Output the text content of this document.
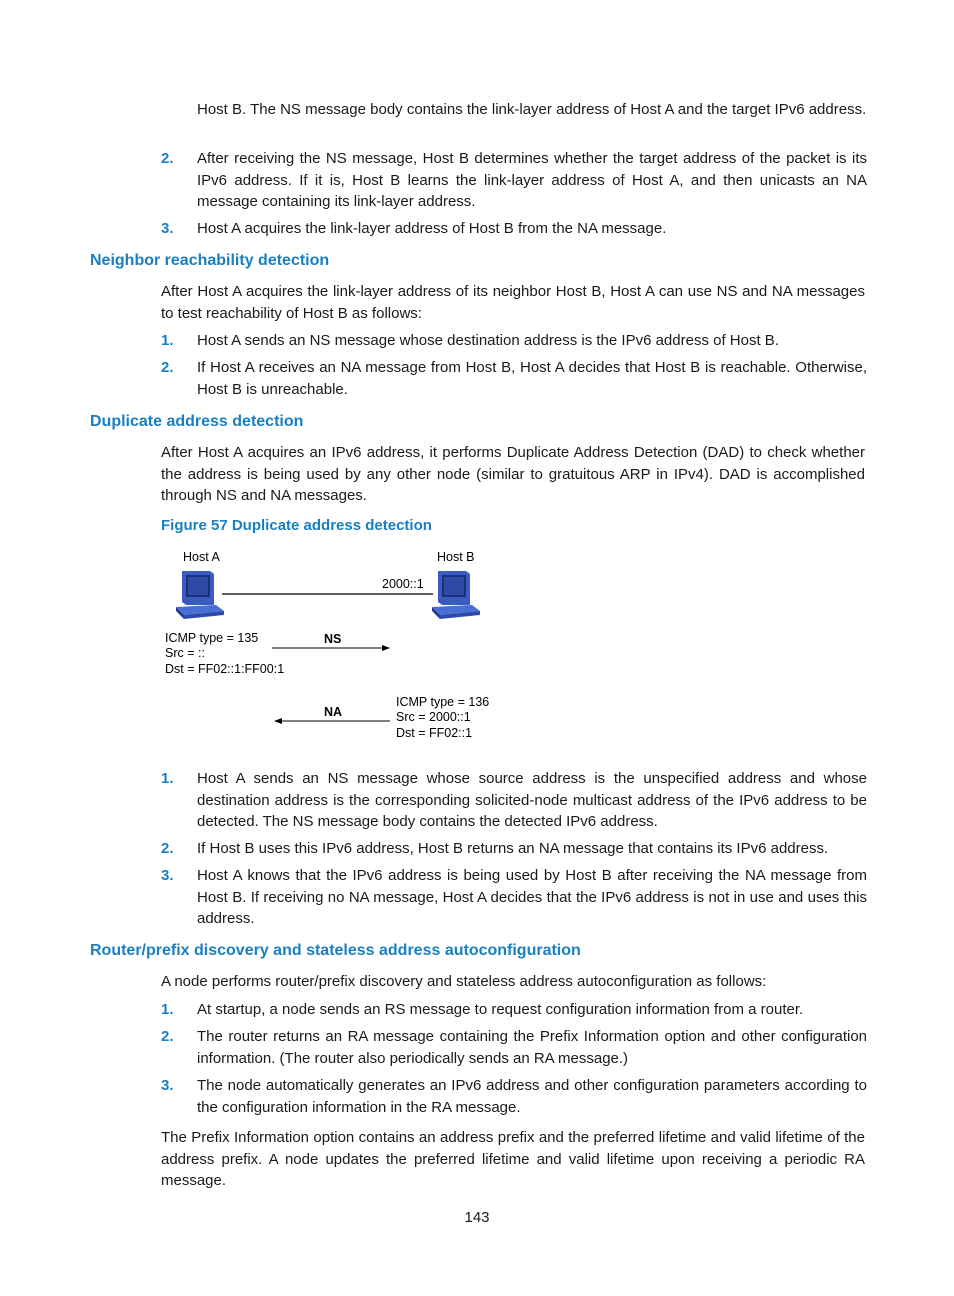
Host B. The NS message body contains the link-layer address of Host A and the target IPv6 address.

2. After receiving the NS message, Host B determines whether the target address of the packet is its IPv6 address. If it is, Host B learns the link-layer address of Host A, and then unicasts an NA message containing its link-layer address.
3. Host A acquires the link-layer address of Host B from the NA message.
Neighbor reachability detection

After Host A acquires the link-layer address of its neighbor Host B, Host A can use NS and NA messages to test reachability of Host B as follows:

1. Host A sends an NS message whose destination address is the IPv6 address of Host B.
2. If Host A receives an NA message from Host B, Host A decides that Host B is reachable. Otherwise, Host B is unreachable.
Duplicate address detection

After Host A acquires an IPv6 address, it performs Duplicate Address Detection (DAD) to check whether the address is being used by any other node (similar to gratuitous ARP in IPv4). DAD is accomplished through NS and NA messages.

Figure 57 Duplicate address detection

Host A	Host B
2000::1
ICMP type = 135
Src = ::
Dst = FF02::1:FF00:1
NS
NA
ICMP type = 136
Src = 2000::1
Dst = FF02::1
1. Host A sends an NS message whose source address is the unspecified address and whose destination address is the corresponding solicited-node multicast address of the IPv6 address to be detected. The NS message body contains the detected IPv6 address.
2. If Host B uses this IPv6 address, Host B returns an NA message that contains its IPv6 address.
3. Host A knows that the IPv6 address is being used by Host B after receiving the NA message from Host B. If receiving no NA message, Host A decides that the IPv6 address is not in use and uses this address.
Router/prefix discovery and stateless address autoconfiguration

A node performs router/prefix discovery and stateless address autoconfiguration as follows:

1. At startup, a node sends an RS message to request configuration information from a router.
2. The router returns an RA message containing the Prefix Information option and other configuration information. (The router also periodically sends an RA message.)
3. The node automatically generates an IPv6 address and other configuration parameters according to the configuration information in the RA message.

The Prefix Information option contains an address prefix and the preferred lifetime and valid lifetime of the address prefix. A node updates the preferred lifetime and valid lifetime upon receiving a periodic RA message.

143
